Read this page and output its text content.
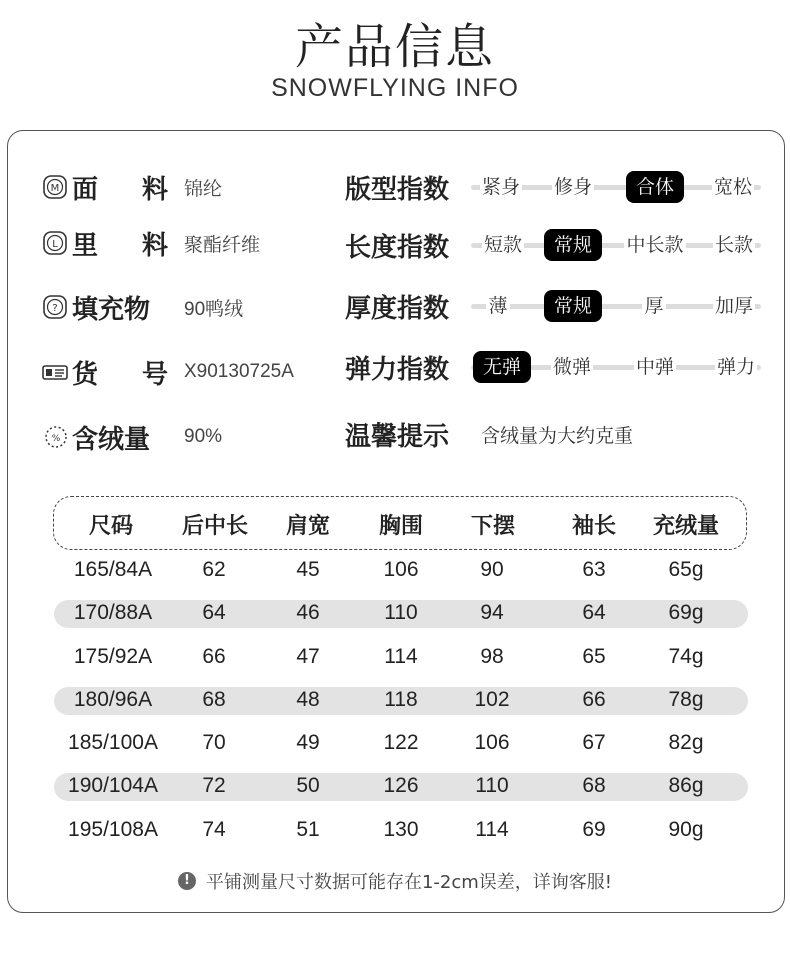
产品信息
SNOWFLYING INFO
M 面 料 锦纶
L 里 料 聚酯纤维
? 填充物	90鸭绒
货 号 X90130725A
% 含绒量	90%
版型指数	紧身	修身	合体	宽松
长度指数	短款	常规	中长款	长款
厚度指数	薄	常规	厚	加厚
弹力指数	无弹	微弹	中弹	弹力
温馨提示	含绒量为大约克重
尺码	后中长	肩宽	胸围	下摆	袖长	充绒量
165/84A	62	45	106	90	63	65g
170/88A	64	46	110	94	64	69g
175/92A	66	47	114	98	65	74g
180/96A	68	48	118	102	66	78g
185/100A	70	49	122	106	67	82g
190/104A	72	50	126	110	68	86g
195/108A	74	51	130	114	69	90g
! 平铺测量尺寸数据可能存在1-2cm误差，详询客服!
